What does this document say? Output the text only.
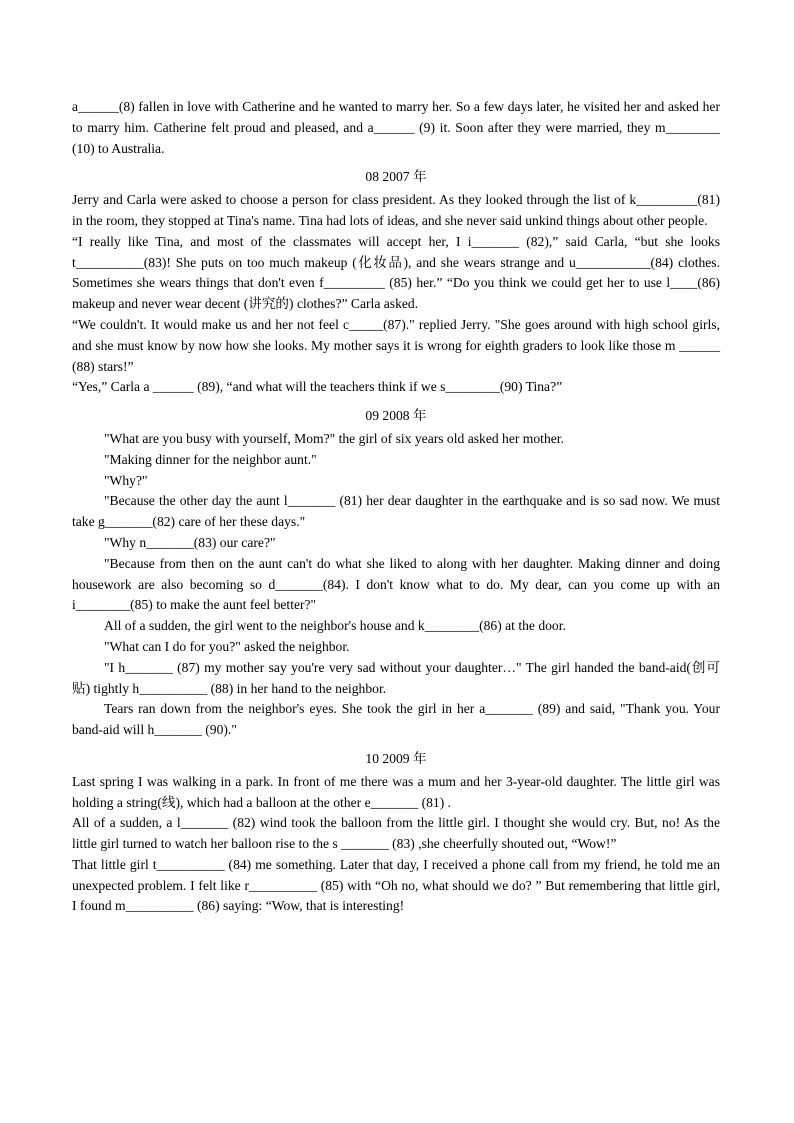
a______(8) fallen in love with Catherine and he wanted to marry her. So a few days later, he visited her and asked her to marry him. Catherine felt proud and pleased, and a______ (9) it. Soon after they were married, they m________ (10) to Australia.

08 2007 年

Jerry and Carla were asked to choose a person for class president. As they looked through the list of k_________(81) in the room, they stopped at Tina's name. Tina had lots of ideas, and she never said unkind things about other people.

“I really like Tina, and most of the classmates will accept her, I i_______ (82),” said Carla, “but she looks t__________(83)! She puts on too much makeup (化妆品), and she wears strange and u___________(84) clothes. Sometimes she wears things that don't even f_________ (85) her.” “Do you think we could get her to use l____(86) makeup and never wear decent (讲究的) clothes?” Carla asked.

“We couldn't. It would make us and her not feel c_____(87)." replied Jerry. "She goes around with high school girls, and she must know by now how she looks. My mother says it is wrong for eighth graders to look like those m ______ (88) stars!”

“Yes,” Carla a ______ (89), “and what will the teachers think if we s________(90) Tina?”

09 2008 年

"What are you busy with yourself, Mom?" the girl of six years old asked her mother.

"Making dinner for the neighbor aunt."

"Why?"

"Because the other day the aunt l_______ (81) her dear daughter in the earthquake and is so sad now. We must take g_______(82) care of her these days."

"Why n_______(83) our care?"

"Because from then on the aunt can't do what she liked to along with her daughter. Making dinner and doing housework are also becoming so d_______(84). I don't know what to do. My dear, can you come up with an i________(85) to make the aunt feel better?"

All of a sudden, the girl went to the neighbor's house and k________(86) at the door.

"What can I do for you?" asked the neighbor.

"I h_______ (87) my mother say you're very sad without your daughter…" The girl handed the band-aid(创可贴) tightly h__________ (88) in her hand to the neighbor.

Tears ran down from the neighbor's eyes. She took the girl in her a_______ (89) and said, "Thank you. Your band-aid will h_______ (90)."

10 2009 年

Last spring I was walking in a park. In front of me there was a mum and her 3-year-old daughter. The little girl was holding a string(线), which had a balloon at the other e_______ (81) .

All of a sudden, a l_______ (82) wind took the balloon from the little girl. I thought she would cry. But, no! As the little girl turned to watch her balloon rise to the s _______ (83) ,she cheerfully shouted out, “Wow!”

That little girl t__________ (84) me something. Later that day, I received a phone call from my friend, he told me an unexpected problem. I felt like r__________ (85) with “Oh no, what should we do? ” But remembering that little girl, I found m__________ (86) saying: “Wow, that is interesting!
